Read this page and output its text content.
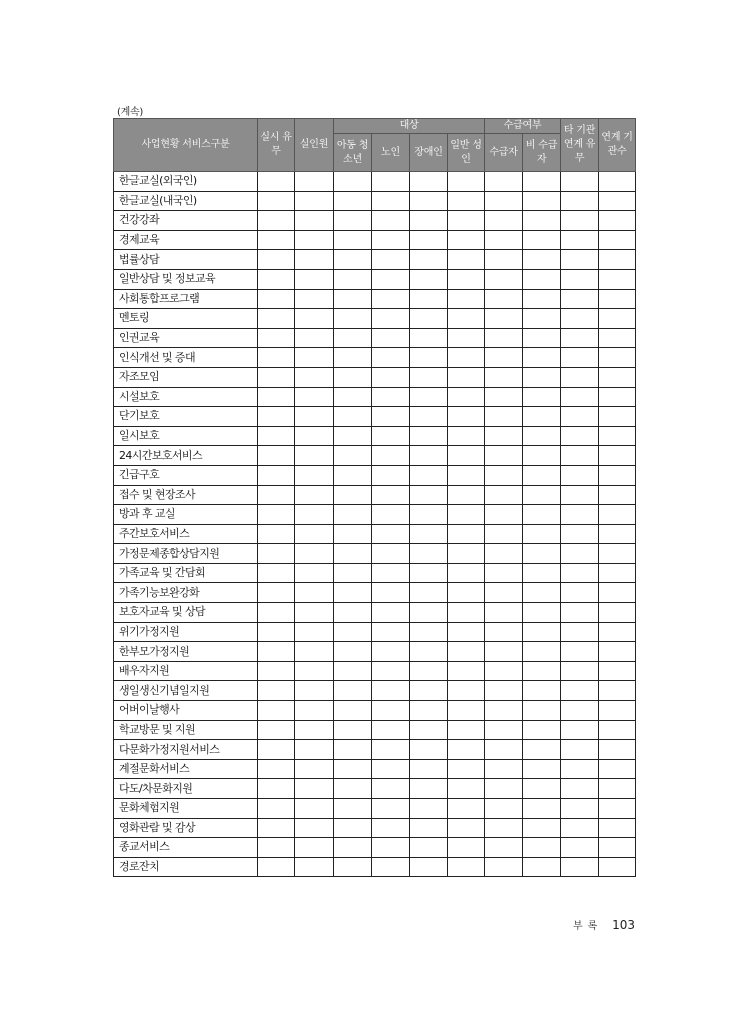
(계속)
사업현황 서비스구분	실시 유무	실인원	대상				수급여부		타 기관 연계 유무	연계 기관수
			아동 청소년	노인	장애인	일반 성인	수급자	비 수급자		
한글교실(외국인)										
한글교실(내국인)										
건강강좌										
경제교육										
법률상담										
일반상담 및 정보교육										
사회통합프로그램										
멘토링										
인권교육										
인식개선 및 증대										
자조모임										
시설보호										
단기보호										
일시보호										
24시간보호서비스										
긴급구호										
접수 및 현장조사										
방과 후 교실										
주간보호서비스										
가정문제종합상담지원										
가족교육 및 간담회										
가족기능보완강화										
보호자교육 및 상담										
위기가정지원										
한부모가정지원										
배우자지원										
생일생신기념일지원										
어버이날행사										
학교방문 및 지원										
다문화가정지원서비스										
계절문화서비스										
다도/차문화지원										
문화체험지원										
영화관람 및 감상										
종교서비스										
경로잔치										
부록 103
